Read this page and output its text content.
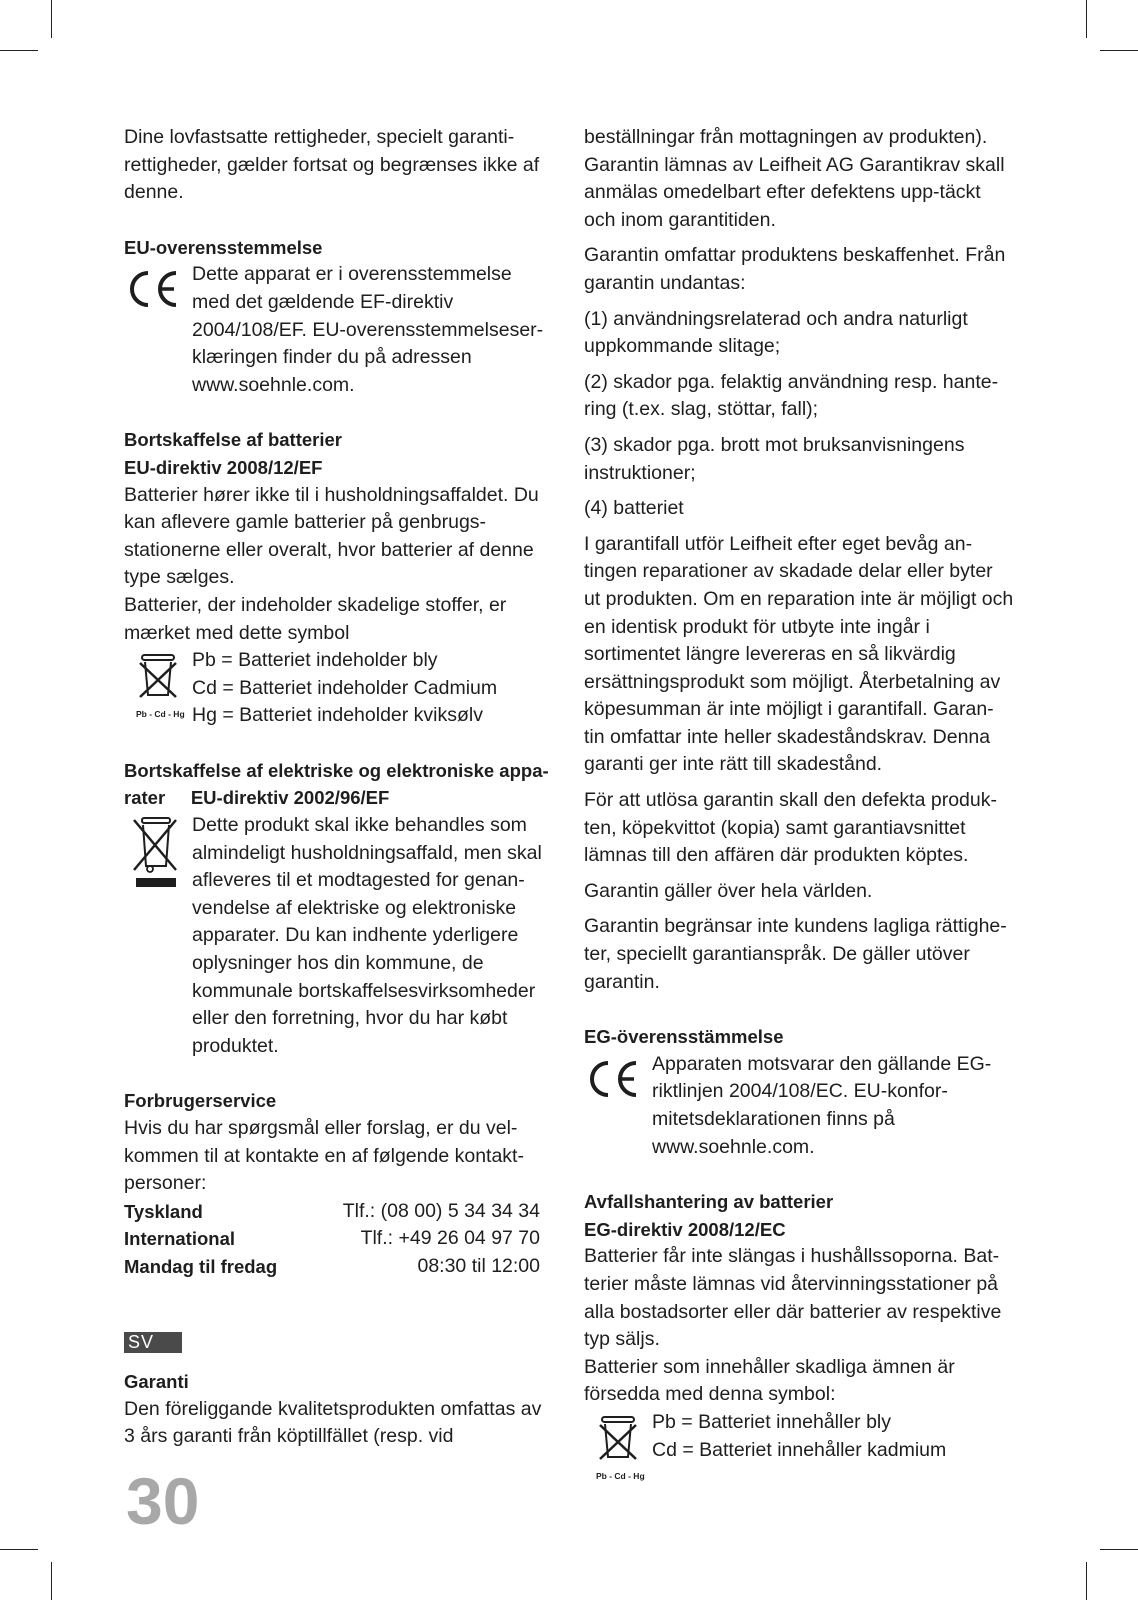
Dine lovfastsatte rettigheder, specielt garanti-rettigheder, gælder fortsat og begrænses ikke af denne.

EU-overensstemmelse

Dette apparat er i overensstemmelse med det gældende EF-direktiv 2004/108/EF. EU-overensstemmelseser-klæringen finder du på adressen www.soehnle.com.

Bortskaffelse af batterier

EU-direktiv 2008/12/EF

Batterier hører ikke til i husholdningsaffaldet. Du kan aflevere gamle batterier på genbrugs-stationerne eller overalt, hvor batterier af denne type sælges.

Batterier, der indeholder skadelige stoffer, er mærket med dette symbol

Pb - Cd - Hg

Pb = Batteriet indeholder bly

Cd = Batteriet indeholder Cadmium

Hg = Batteriet indeholder kviksølv

Bortskaffelse af elektriske og elektroniske appa-

rater     EU-direktiv 2002/96/EF

Dette produkt skal ikke behandles som almindeligt husholdningsaffald, men skal afleveres til et modtagested for genan-vendelse af elektriske og elektroniske apparater. Du kan indhente yderligere oplysninger hos din kommune, de kommunale bortskaffelsesvirksomheder eller den forretning, hvor du har købt produktet.

Forbrugerservice

Hvis du har spørgsmål eller forslag, er du vel-kommen til at kontakte en af følgende kontakt-personer:

Tyskland	Tlf.: (08 00) 5 34 34 34
International	Tlf.: +49 26 04 97 70
Mandag til fredag	08:30 til 12:00
SV

Garanti

Den föreliggande kvalitetsprodukten omfattas av 3 års garanti från köptillfället (resp. vid

beställningar från mottagningen av produkten). Garantin lämnas av Leifheit AG Garantikrav skall anmälas omedelbart efter defektens upp-täckt och inom garantitiden.

Garantin omfattar produktens beskaffenhet. Från garantin undantas:

(1) användningsrelaterad och andra naturligt uppkommande slitage;

(2) skador pga. felaktig användning resp. hante-ring (t.ex. slag, stöttar, fall);

(3) skador pga. brott mot bruksanvisningens instruktioner;

(4) batteriet

I garantifall utför Leifheit efter eget bevåg an-tingen reparationer av skadade delar eller byter ut produkten. Om en reparation inte är möjligt och en identisk produkt för utbyte inte ingår i sortimentet längre levereras en så likvärdig ersättningsprodukt som möjligt. Återbetalning av köpesumman är inte möjligt i garantifall. Garan-tin omfattar inte heller skadeståndskrav. Denna garanti ger inte rätt till skadestånd.

För att utlösa garantin skall den defekta produk-ten, köpekvittot (kopia) samt garantiavsnittet lämnas till den affären där produkten köptes.

Garantin gäller över hela världen.

Garantin begränsar inte kundens lagliga rättighe-ter, speciellt garantianspråk. De gäller utöver garantin.

EG-överensstämmelse

Apparaten motsvarar den gällande EG-riktlinjen 2004/108/EC. EU-konfor-mitetsdeklarationen finns på www.soehnle.com.

Avfallshantering av batterier

EG-direktiv 2008/12/EC

Batterier får inte slängas i hushållssoporna. Bat-terier måste lämnas vid återvinningsstationer på alla bostadsorter eller där batterier av respektive typ säljs.

Batterier som innehåller skadliga ämnen är försedda med denna symbol:

Pb - Cd - Hg

Pb = Batteriet innehåller bly

Cd = Batteriet innehåller kadmium

30
